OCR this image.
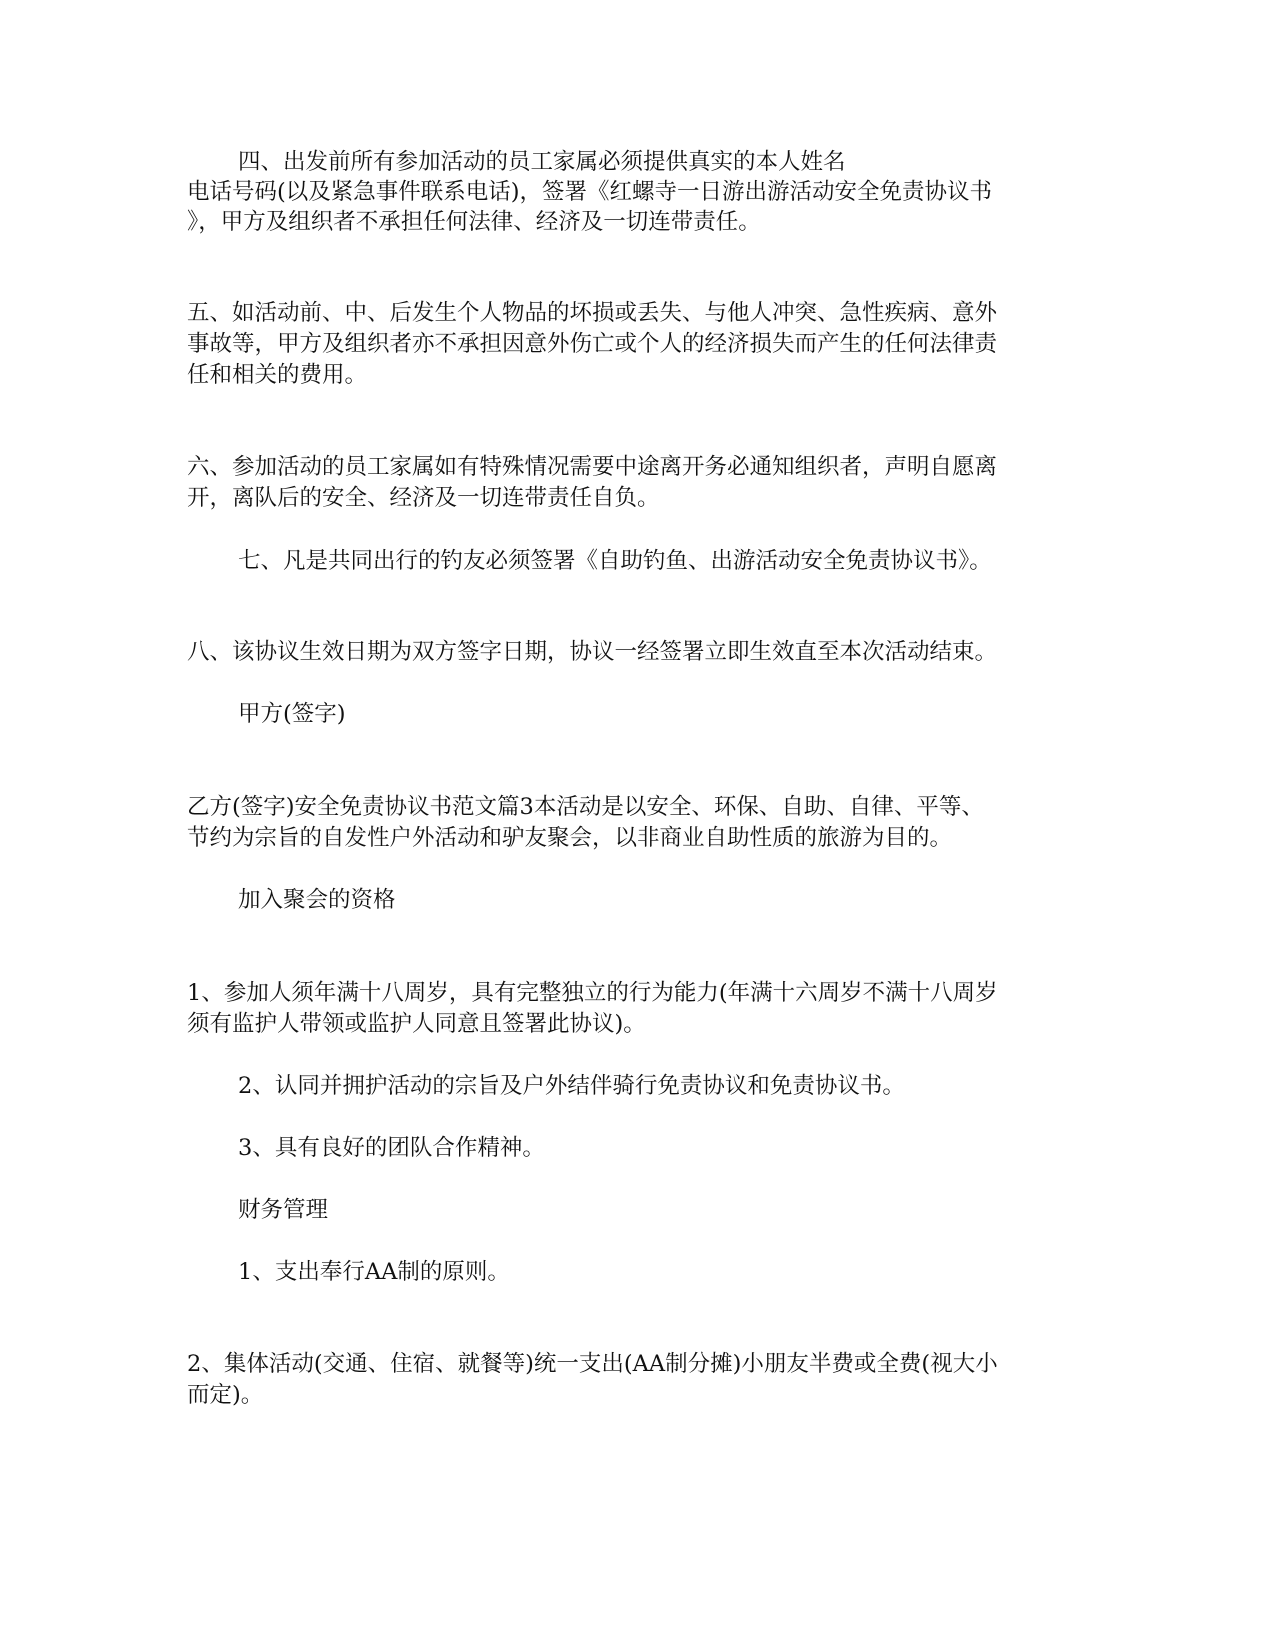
四、出发前所有参加活动的员工家属必须提供真实的本人姓名
电话号码(以及紧急事件联系电话)，签署《红螺寺一日游出游活动安全免责协议书
》，甲方及组织者不承担任何法律、经济及一切连带责任。
五、如活动前、中、后发生个人物品的坏损或丢失、与他人冲突、急性疾病、意外
事故等，甲方及组织者亦不承担因意外伤亡或个人的经济损失而产生的任何法律责
任和相关的费用。
六、参加活动的员工家属如有特殊情况需要中途离开务必通知组织者，声明自愿离
开，离队后的安全、经济及一切连带责任自负。
七、凡是共同出行的钓友必须签署《自助钓鱼、出游活动安全免责协议书》。
八、该协议生效日期为双方签字日期，协议一经签署立即生效直至本次活动结束。
甲方(签字)
乙方(签字)安全免责协议书范文篇3本活动是以安全、环保、自助、自律、平等、
节约为宗旨的自发性户外活动和驴友聚会，以非商业自助性质的旅游为目的。
加入聚会的资格
1、参加人须年满十八周岁，具有完整独立的行为能力(年满十六周岁不满十八周岁
须有监护人带领或监护人同意且签署此协议)。
2、认同并拥护活动的宗旨及户外结伴骑行免责协议和免责协议书。
3、具有良好的团队合作精神。
财务管理
1、支出奉行AA制的原则。
2、集体活动(交通、住宿、就餐等)统一支出(AA制分摊)小朋友半费或全费(视大小
而定)。
